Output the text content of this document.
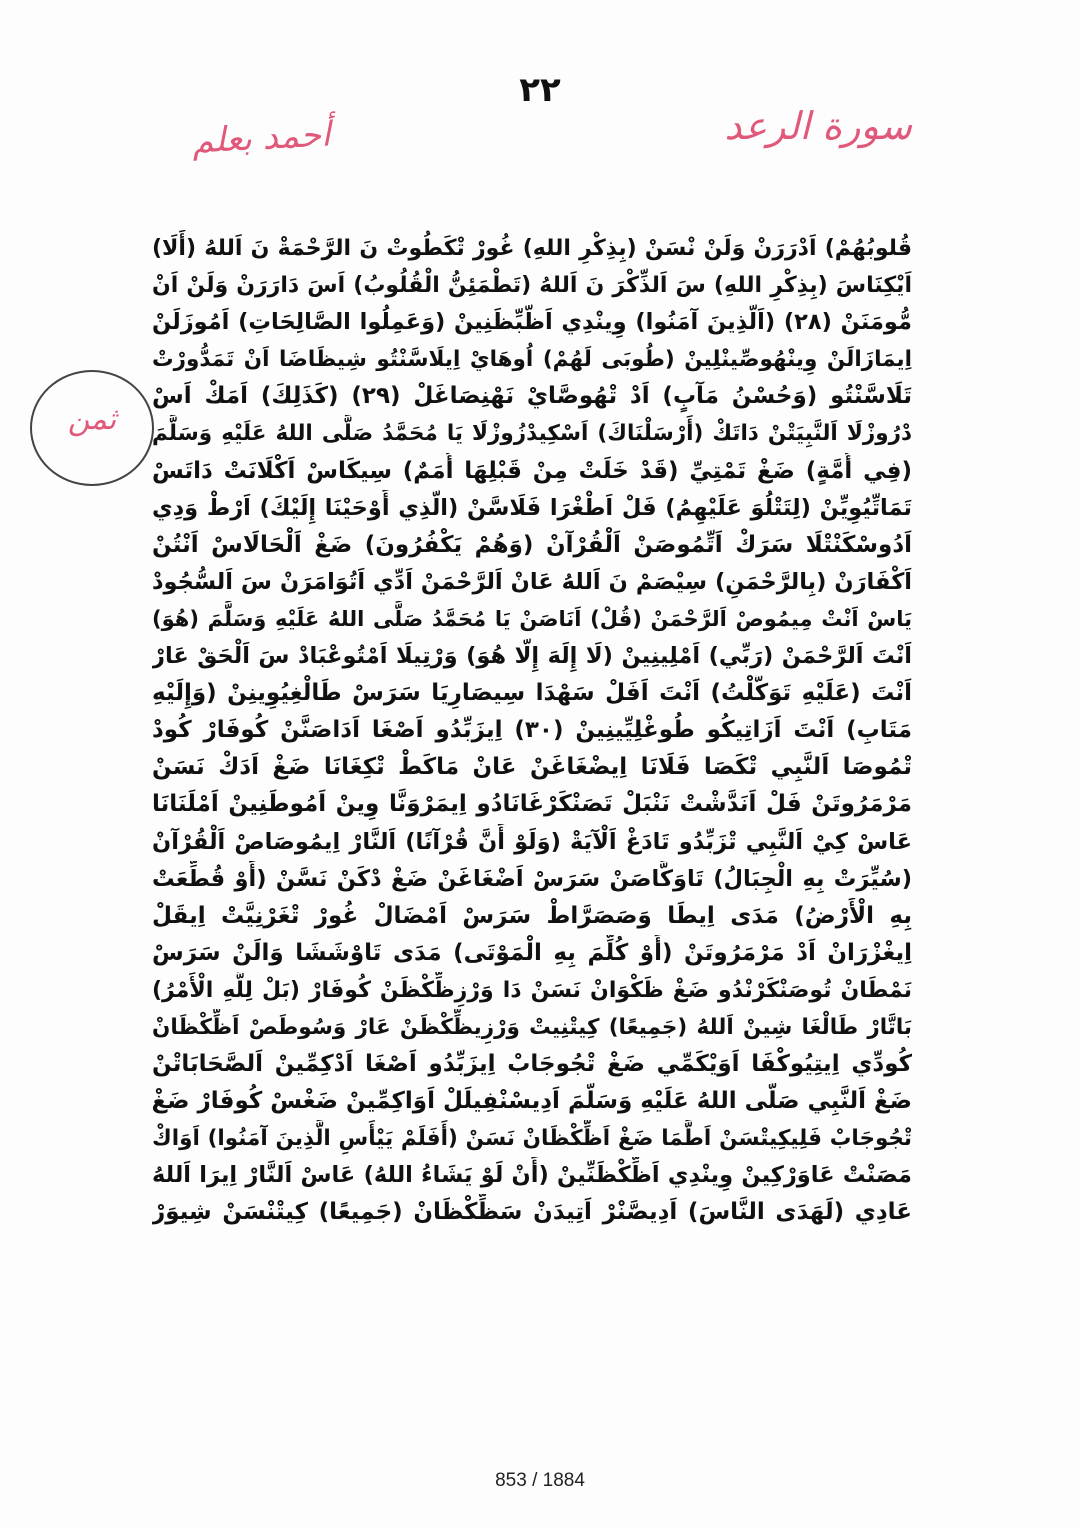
٢٢
سورة الرعد
أحمد بعلم
ثمن
قُلوبُهُمْ) اَدْرَرَنْ وَلَنْ نْسَنْ (بِذِكْرِ اللهِ) غُورْ تْكَطُوتْ نَ الرَّحْمَةْ نَ اَللهُ (أَلَا)
اَيْكِنَاسَ (بِذِكْرِ اللهِ) سَ اَلذِّكْرَ نَ اَللهُ (تَطْمَئِنُّ الْقُلُوبُ) اَسَ دَارَرَنْ وَلَنْ اَنْ
مُّومَنَنْ (٢٨) (اَلَّذِينَ آمَنُوا) وِينْدِي اَظَّبِّظَنِينْ (وَعَمِلُوا الصَّالِحَاتِ) اَمُوزَلَنْ
اِيمَازَالَنْ وِينْهُوصِّينْلِينْ (طُوبَى لَهُمْ) اُوهَايْ اِيلَاسَّنْتُو شِيظَاضَا اَنْ تَمَدُّورْتْ
تَلَاسَّنْتُو (وَحُسْنُ مَآبٍ) اَدْ تْهُوصَّايْ نَهْنِصَاغَلْ (٢٩) (كَذَلِكَ) اَمَكْ اَسْ
دْرُوزْلَا اَلنَّبِيَتْنْ دَاتَكْ (أَرْسَلْنَاكَ) اَسْكِيدْزُوزْلَا يَا مُحَمَّدُ صَلَّى اللهُ عَلَيْهِ وَسَلَّمَ
(فِي أُمَّةٍ) ضَغْ تَمْتِيِّ (قَدْ خَلَتْ مِنْ قَبْلِهَا أُمَمٌ) سِيكَاسْ اَكْلَانَتْ دَاتَسْ
تَمَاتِّيُوِيِّنْ (لِتَتْلُوَ عَلَيْهِمُ) فَلْ اَطْغْرَا فَلَاسَّنْ (الَّذِي أَوْحَيْنَا إِلَيْكَ) اَرْطْ وَدِي
اَدُوسْكَنْتْلَا سَرَكْ اَتِّمُوصَنْ اَلْقُرْآنْ (وَهُمْ يَكْفُرُونَ) ضَغْ اَلْحَالَاسْ اَنْتُنْ
اَكْفَارَنْ (بِالرَّحْمَنِ) سِيْصَمْ نَ اَللهُ عَانْ اَلرَّحْمَنْ اَدِّي اَتُوَامَرَنْ سَ اَلسُّجُودْ
يَاسْ اَنْتْ مِيمُوصْ اَلرَّحْمَنْ (قُلْ) اَنَاصَنْ يَا مُحَمَّدُ صَلَّى اللهُ عَلَيْهِ وَسَلَّمَ (هُوَ)
اَنْتَ اَلرَّحْمَنْ (رَبِّي) اَمْلِينِينْ (لَا إِلَهَ إِلَّا هُوَ) وَرْتِيلَا اَمْتُوعْبَادْ سَ اَلْحَقْ عَارْ
اَنْتَ (عَلَيْهِ تَوَكَّلْتُ) اَنْتَ اَفَلْ سَهْدَا سِيصَارِيَا سَرَسْ طَالْغِيُوِينِنْ (وَإِلَيْهِ
مَتَابِ) اَنْتَ اَزَاتِيكُو طُوغْلِيِّينِينْ (٣٠) اِيزَبِّدُو اَصْغَا اَدَاصَنَّنْ كُوفَارْ كُودْ
تْمُوصَا اَلنَّبِي تْكَصَا فَلَانَا اِيضْغَاغَنْ عَانْ مَاكَطْ تْكِغَانَا ضَغْ اَدَكْ نَسَنْ
مَرْمَرُوتَنْ فَلْ اَنَدَّشْتْ نَنْبَلْ تَصَنْكَرْغَانَادُو اِيمَرْوَنَّا وِينْ اَمُوطَنِينْ اَمْلَنَانَا
عَاسْ كِيْ اَلنَّبِي تْزَبِّدُو تَادَغْ اَلْآيَةْ (وَلَوْ أَنَّ قُرْآنًا) اَلنَّارْ اِيمُوصَاصْ اَلْقُرْآنْ
(سُيِّرَتْ بِهِ الْجِبَالُ) تَاوَكَّاصَنْ سَرَسْ اَضْغَاغَنْ ضَغْ دْكَنْ نَسَّنْ (أَوْ قُطِّعَتْ
بِهِ الْأَرْضُ) مَدَى اِيطَا وَصَصَرَّاطْ سَرَسْ اَمْضَالْ غُورْ تْغَرْنِيَّتْ اِيقَلْ
اِيغْزْرَانْ اَدْ مَرْمَرُوتَنْ (أَوْ كُلِّمَ بِهِ الْمَوْتَى) مَدَى تَاوْشَشَا وَالَنْ سَرَسْ
نَمْطَانْ تُوصَنْكَرْنْدُو ضَغْ ظَكْوَانْ نَسَنْ دَا وَرْزِظِّكْظَنْ كُوفَارْ (بَلْ لِلَّهِ الْأَمْرُ)
بَاتَّارْ طَالْغَا شِينْ اَللهُ (جَمِيعًا) كِيتْنِيتْ وَرْزِيظِّكْظَنْ عَارْ وَسُوطَصْ اَظِّكْظَانْ
كُودِّي اِيتِيُوكْفَا اَوَيْكَمِّي ضَغْ تْجُوجَابْ اِيزَبِّدُو اَصْغَا اَدْكِمِّينْ اَلصَّحَابَاتْنْ
ضَغْ اَلنَّبِي صَلَّى اللهُ عَلَيْهِ وَسَلَّمَ اَدِيسْنْفِيلَلْ اَوَاكِمِّينْ ضَغْسْ كُوفَارْ ضَغْ
تْجُوجَابْ فَلِيكِيتْسَنْ اَطَّمَا ضَغْ اَظِّكْظَانْ نَسَنْ (أَفَلَمْ يَيْأَسِ الَّذِينَ آمَنُوا) اَوَاكْ
مَصَنْتْ عَاوَرْكِينْ وِينْدِي اَظِّكْظَنِّينْ (أَنْ لَوْ يَشَاءُ اللهُ) عَاسْ اَلنَّارْ اِيرَا اَللهُ
عَادِي (لَهَدَى النَّاسَ) اَدِيصَّنْرْ اَتِيدَنْ سَظِّكْظَانْ (جَمِيعًا) كِيتْنْسَنْ شِيوَرْ
853 / 1884
